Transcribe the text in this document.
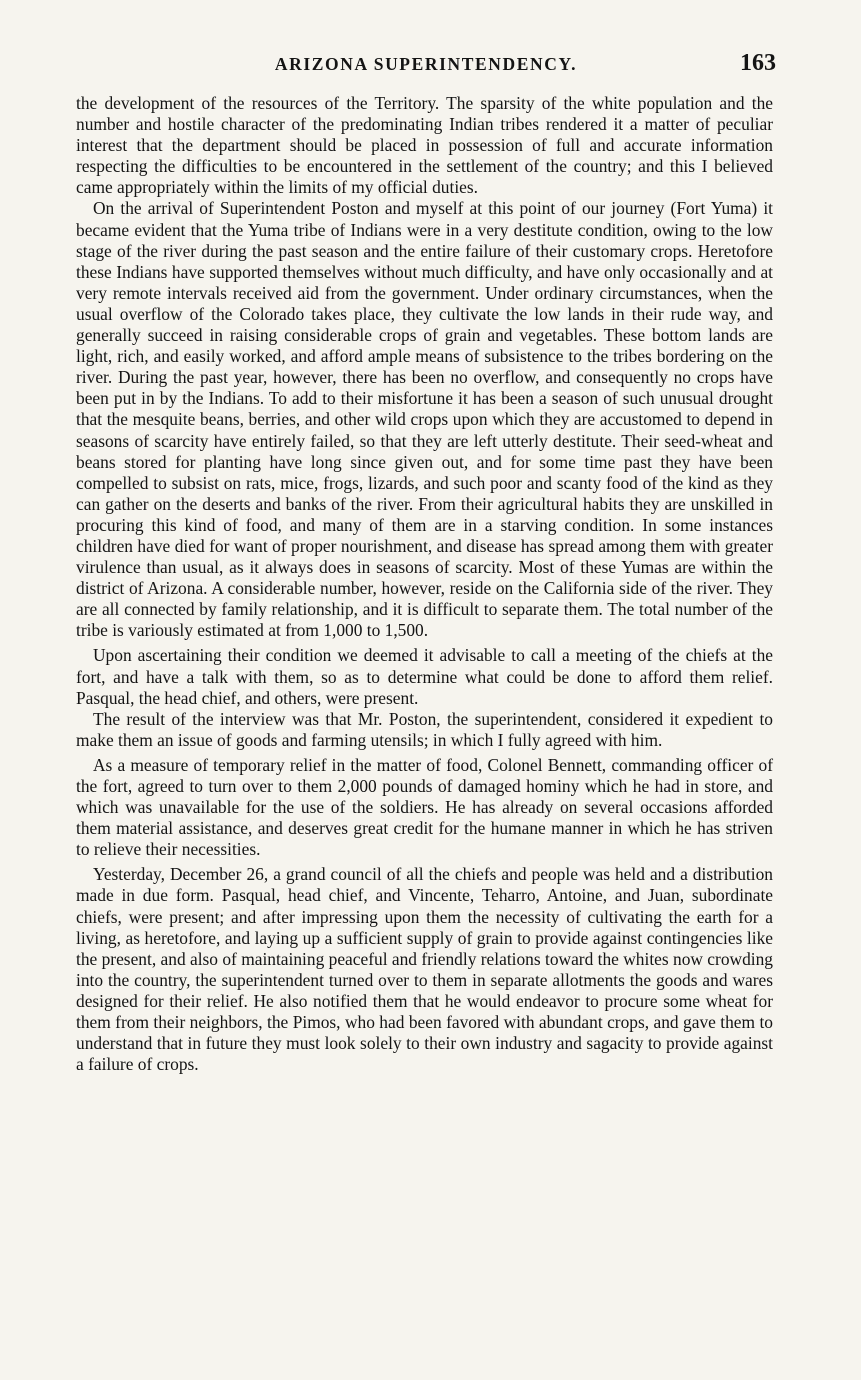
ARIZONA SUPERINTENDENCY.	163

the development of the resources of the Territory. The sparsity of the white population and the number and hostile character of the predominating Indian tribes rendered it a matter of peculiar interest that the department should be placed in possession of full and accurate information respecting the difficulties to be encountered in the settlement of the country; and this I believed came appropriately within the limits of my official duties.

On the arrival of Superintendent Poston and myself at this point of our journey (Fort Yuma) it became evident that the Yuma tribe of Indians were in a very destitute condition, owing to the low stage of the river during the past season and the entire failure of their customary crops. Heretofore these Indians have supported themselves without much difficulty, and have only occasionally and at very remote intervals received aid from the government. Under ordinary circumstances, when the usual overflow of the Colorado takes place, they cultivate the low lands in their rude way, and generally succeed in raising considerable crops of grain and vegetables. These bottom lands are light, rich, and easily worked, and afford ample means of subsistence to the tribes bordering on the river. During the past year, however, there has been no overflow, and consequently no crops have been put in by the Indians. To add to their misfortune it has been a season of such unusual drought that the mesquite beans, berries, and other wild crops upon which they are accustomed to depend in seasons of scarcity have entirely failed, so that they are left utterly destitute. Their seed-wheat and beans stored for planting have long since given out, and for some time past they have been compelled to subsist on rats, mice, frogs, lizards, and such poor and scanty food of the kind as they can gather on the deserts and banks of the river. From their agricultural habits they are unskilled in procuring this kind of food, and many of them are in a starving condition. In some instances children have died for want of proper nourishment, and disease has spread among them with greater virulence than usual, as it always does in seasons of scarcity. Most of these Yumas are within the district of Arizona. A considerable number, however, reside on the California side of the river. They are all connected by family relationship, and it is difficult to separate them. The total number of the tribe is variously estimated at from 1,000 to 1,500.

Upon ascertaining their condition we deemed it advisable to call a meeting of the chiefs at the fort, and have a talk with them, so as to determine what could be done to afford them relief. Pasqual, the head chief, and others, were present.

The result of the interview was that Mr. Poston, the superintendent, considered it expedient to make them an issue of goods and farming utensils; in which I fully agreed with him.

As a measure of temporary relief in the matter of food, Colonel Bennett, commanding officer of the fort, agreed to turn over to them 2,000 pounds of damaged hominy which he had in store, and which was unavailable for the use of the soldiers. He has already on several occasions afforded them material assistance, and deserves great credit for the humane manner in which he has striven to relieve their necessities.

Yesterday, December 26, a grand council of all the chiefs and people was held and a distribution made in due form. Pasqual, head chief, and Vincente, Teharro, Antoine, and Juan, subordinate chiefs, were present; and after impressing upon them the necessity of cultivating the earth for a living, as heretofore, and laying up a sufficient supply of grain to provide against contingencies like the present, and also of maintaining peaceful and friendly relations toward the whites now crowding into the country, the superintendent turned over to them in separate allotments the goods and wares designed for their relief. He also notified them that he would endeavor to procure some wheat for them from their neighbors, the Pimos, who had been favored with abundant crops, and gave them to understand that in future they must look solely to their own industry and sagacity to provide against a failure of crops.
